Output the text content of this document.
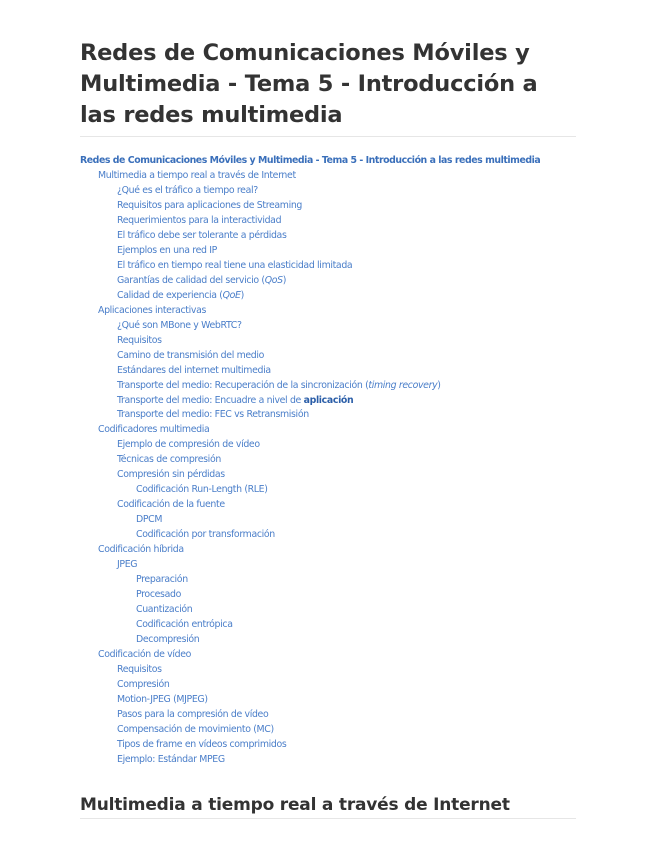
Redes de Comunicaciones Móviles y Multimedia - Tema 5 - Introducción a las redes multimedia
Redes de Comunicaciones Móviles y Multimedia - Tema 5 - Introducción a las redes multimedia
Multimedia a tiempo real a través de Internet
¿Qué es el tráfico a tiempo real?
Requisitos para aplicaciones de Streaming
Requerimientos para la interactividad
El tráfico debe ser tolerante a pérdidas
Ejemplos en una red IP
El tráfico en tiempo real tiene una elasticidad limitada
Garantías de calidad del servicio (QoS)
Calidad de experiencia (QoE)
Aplicaciones interactivas
¿Qué son MBone y WebRTC?
Requisitos
Camino de transmisión del medio
Estándares del internet multimedia
Transporte del medio: Recuperación de la sincronización (timing recovery)
Transporte del medio: Encuadre a nivel de aplicación
Transporte del medio: FEC vs Retransmisión
Codificadores multimedia
Ejemplo de compresión de vídeo
Técnicas de compresión
Compresión sin pérdidas
Codificación Run-Length (RLE)
Codificación de la fuente
DPCM
Codificación por transformación
Codificación híbrida
JPEG
Preparación
Procesado
Cuantización
Codificación entrópica
Decompresión
Codificación de vídeo
Requisitos
Compresión
Motion-JPEG (MJPEG)
Pasos para la compresión de vídeo
Compensación de movimiento (MC)
Tipos de frame en vídeos comprimidos
Ejemplo: Estándar MPEG
Multimedia a tiempo real a través de Internet
